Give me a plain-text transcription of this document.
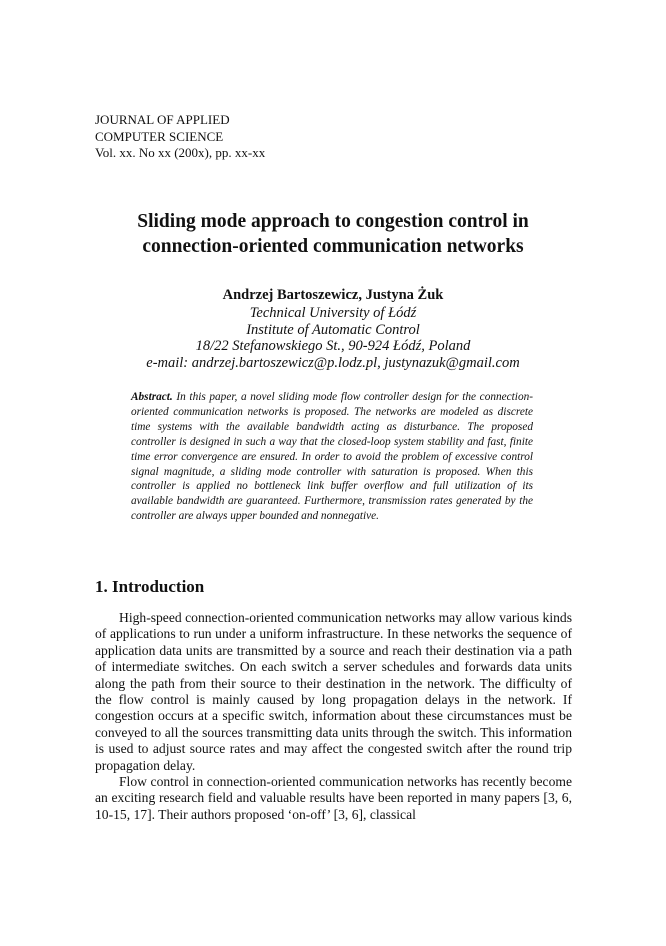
JOURNAL OF APPLIED
COMPUTER SCIENCE
Vol. xx. No xx (200x), pp. xx-xx
Sliding mode approach to congestion control in
connection-oriented communication networks
Andrzej Bartoszewicz, Justyna Żuk
Technical University of Łódź
Institute of Automatic Control
18/22 Stefanowskiego St., 90-924 Łódź, Poland
e-mail: andrzej.bartoszewicz@p.lodz.pl, justynazuk@gmail.com
Abstract. In this paper, a novel sliding mode flow controller design for the connection-oriented communication networks is proposed. The networks are modeled as discrete time systems with the available bandwidth acting as disturbance. The proposed controller is designed in such a way that the closed-loop system stability and fast, finite time error convergence are ensured. In order to avoid the problem of excessive control signal magnitude, a sliding mode controller with saturation is proposed. When this controller is applied no bottleneck link buffer overflow and full utilization of its available bandwidth are guaranteed. Furthermore, transmission rates generated by the controller are always upper bounded and nonnegative.
1. Introduction

High-speed connection-oriented communication networks may allow various kinds of applications to run under a uniform infrastructure. In these networks the sequence of application data units are transmitted by a source and reach their destination via a path of intermediate switches. On each switch a server schedules and forwards data units along the path from their source to their destination in the network. The difficulty of the flow control is mainly caused by long propagation delays in the network. If congestion occurs at a specific switch, information about these circumstances must be conveyed to all the sources transmitting data units through the switch. This information is used to adjust source rates and may affect the congested switch after the round trip propagation delay.

Flow control in connection-oriented communication networks has recently become an exciting research field and valuable results have been reported in many papers [3, 6, 10-15, 17]. Their authors proposed ‘on-off’ [3, 6], classical
